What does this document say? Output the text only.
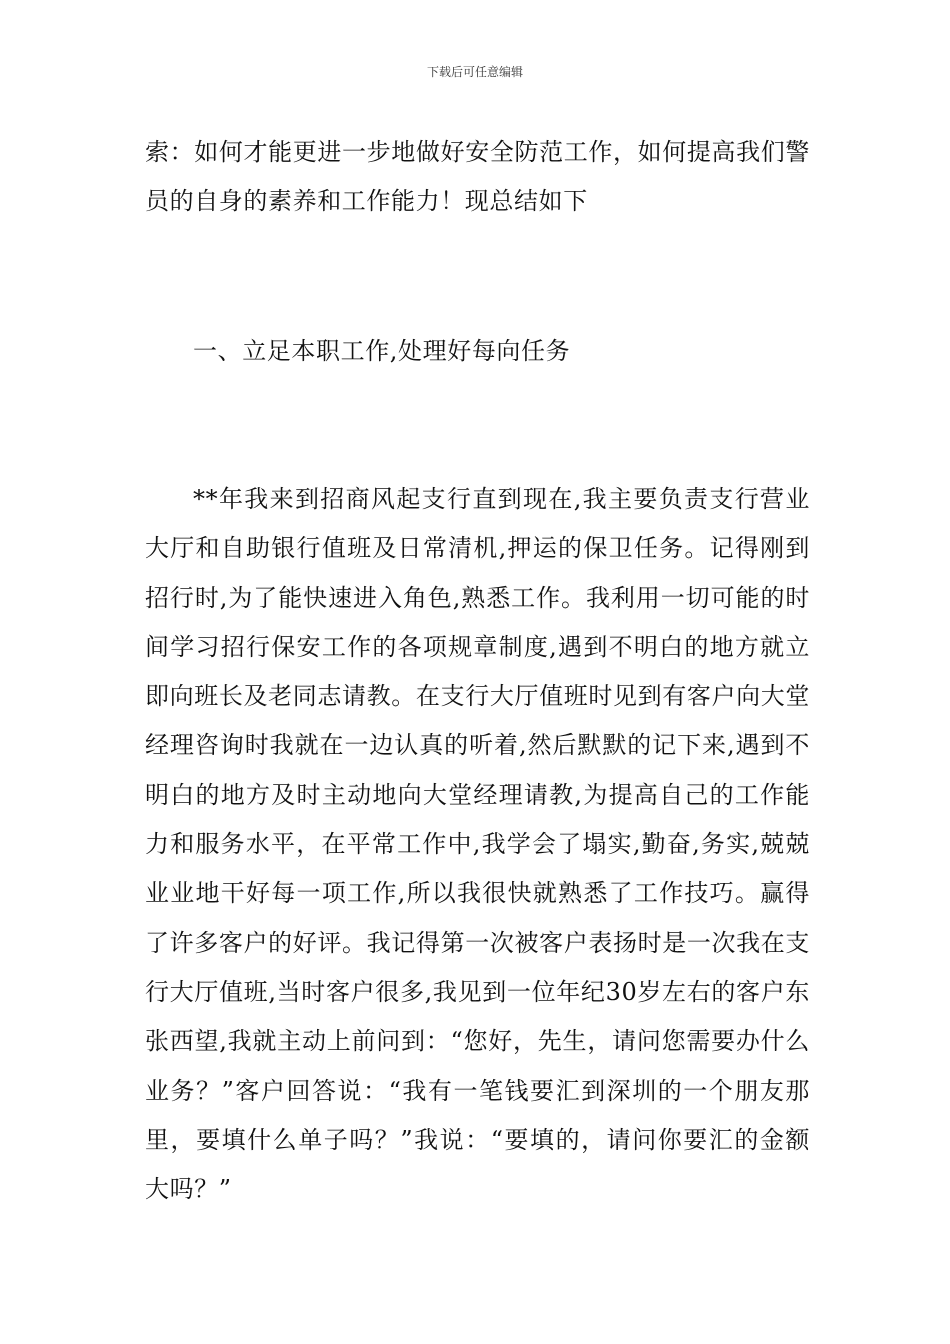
下载后可任意编辑

索：如何才能更进一步地做好安全防范工作，如何提高我们警员的自身的素养和工作能力！现总结如下

一、立足本职工作,处理好每向任务

**年我来到招商风起支行直到现在,我主要负责支行营业大厅和自助银行值班及日常清机,押运的保卫任务。记得刚到招行时,为了能快速进入角色,熟悉工作。我利用一切可能的时间学习招行保安工作的各项规章制度,遇到不明白的地方就立即向班长及老同志请教。在支行大厅值班时见到有客户向大堂经理咨询时我就在一边认真的听着,然后默默的记下来,遇到不明白的地方及时主动地向大堂经理请教,为提高自己的工作能力和服务水平，在平常工作中,我学会了塌实,勤奋,务实,兢兢业业地干好每一项工作,所以我很快就熟悉了工作技巧。赢得了许多客户的好评。我记得第一次被客户表扬时是一次我在支行大厅值班,当时客户很多,我见到一位年纪30岁左右的客户东张西望,我就主动上前问到：“您好，先生，请问您需要办什么业务？”客户回答说：“我有一笔钱要汇到深圳的一个朋友那里，要填什么单子吗？”我说：“要填的，请问你要汇的金额大吗？”
